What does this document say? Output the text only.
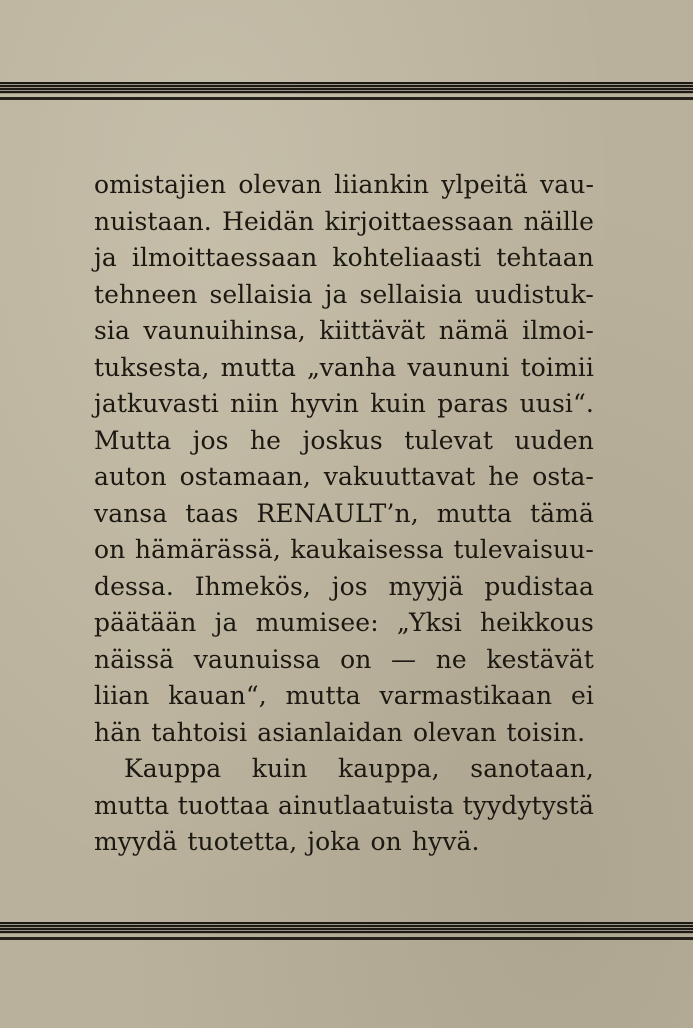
omistajien olevan liiankin ylpeitä vau-
nuistaan. Heidän kirjoittaessaan näille
ja ilmoittaessaan kohteliaasti tehtaan
tehneen sellaisia ja sellaisia uudistuk-
sia vaunuihinsa, kiittävät nämä ilmoi-
tuksesta, mutta „vanha vaununi toimii
jatkuvasti niin hyvin kuin paras uusi“.
Mutta jos he joskus tulevat uuden
auton ostamaan, vakuuttavat he osta-
vansa taas RENAULT’n, mutta tämä
on hämärässä, kaukaisessa tulevaisuu-
dessa. Ihmekös, jos myyjä pudistaa
päätään ja mumisee: „Yksi heikkous
näissä vaunuissa on — ne kestävät
liian kauan“, mutta varmastikaan ei
hän tahtoisi asianlaidan olevan toisin.
Kauppa kuin kauppa, sanotaan,
mutta tuottaa ainutlaatuista tyydytystä
myydä tuotetta, joka on hyvä.
